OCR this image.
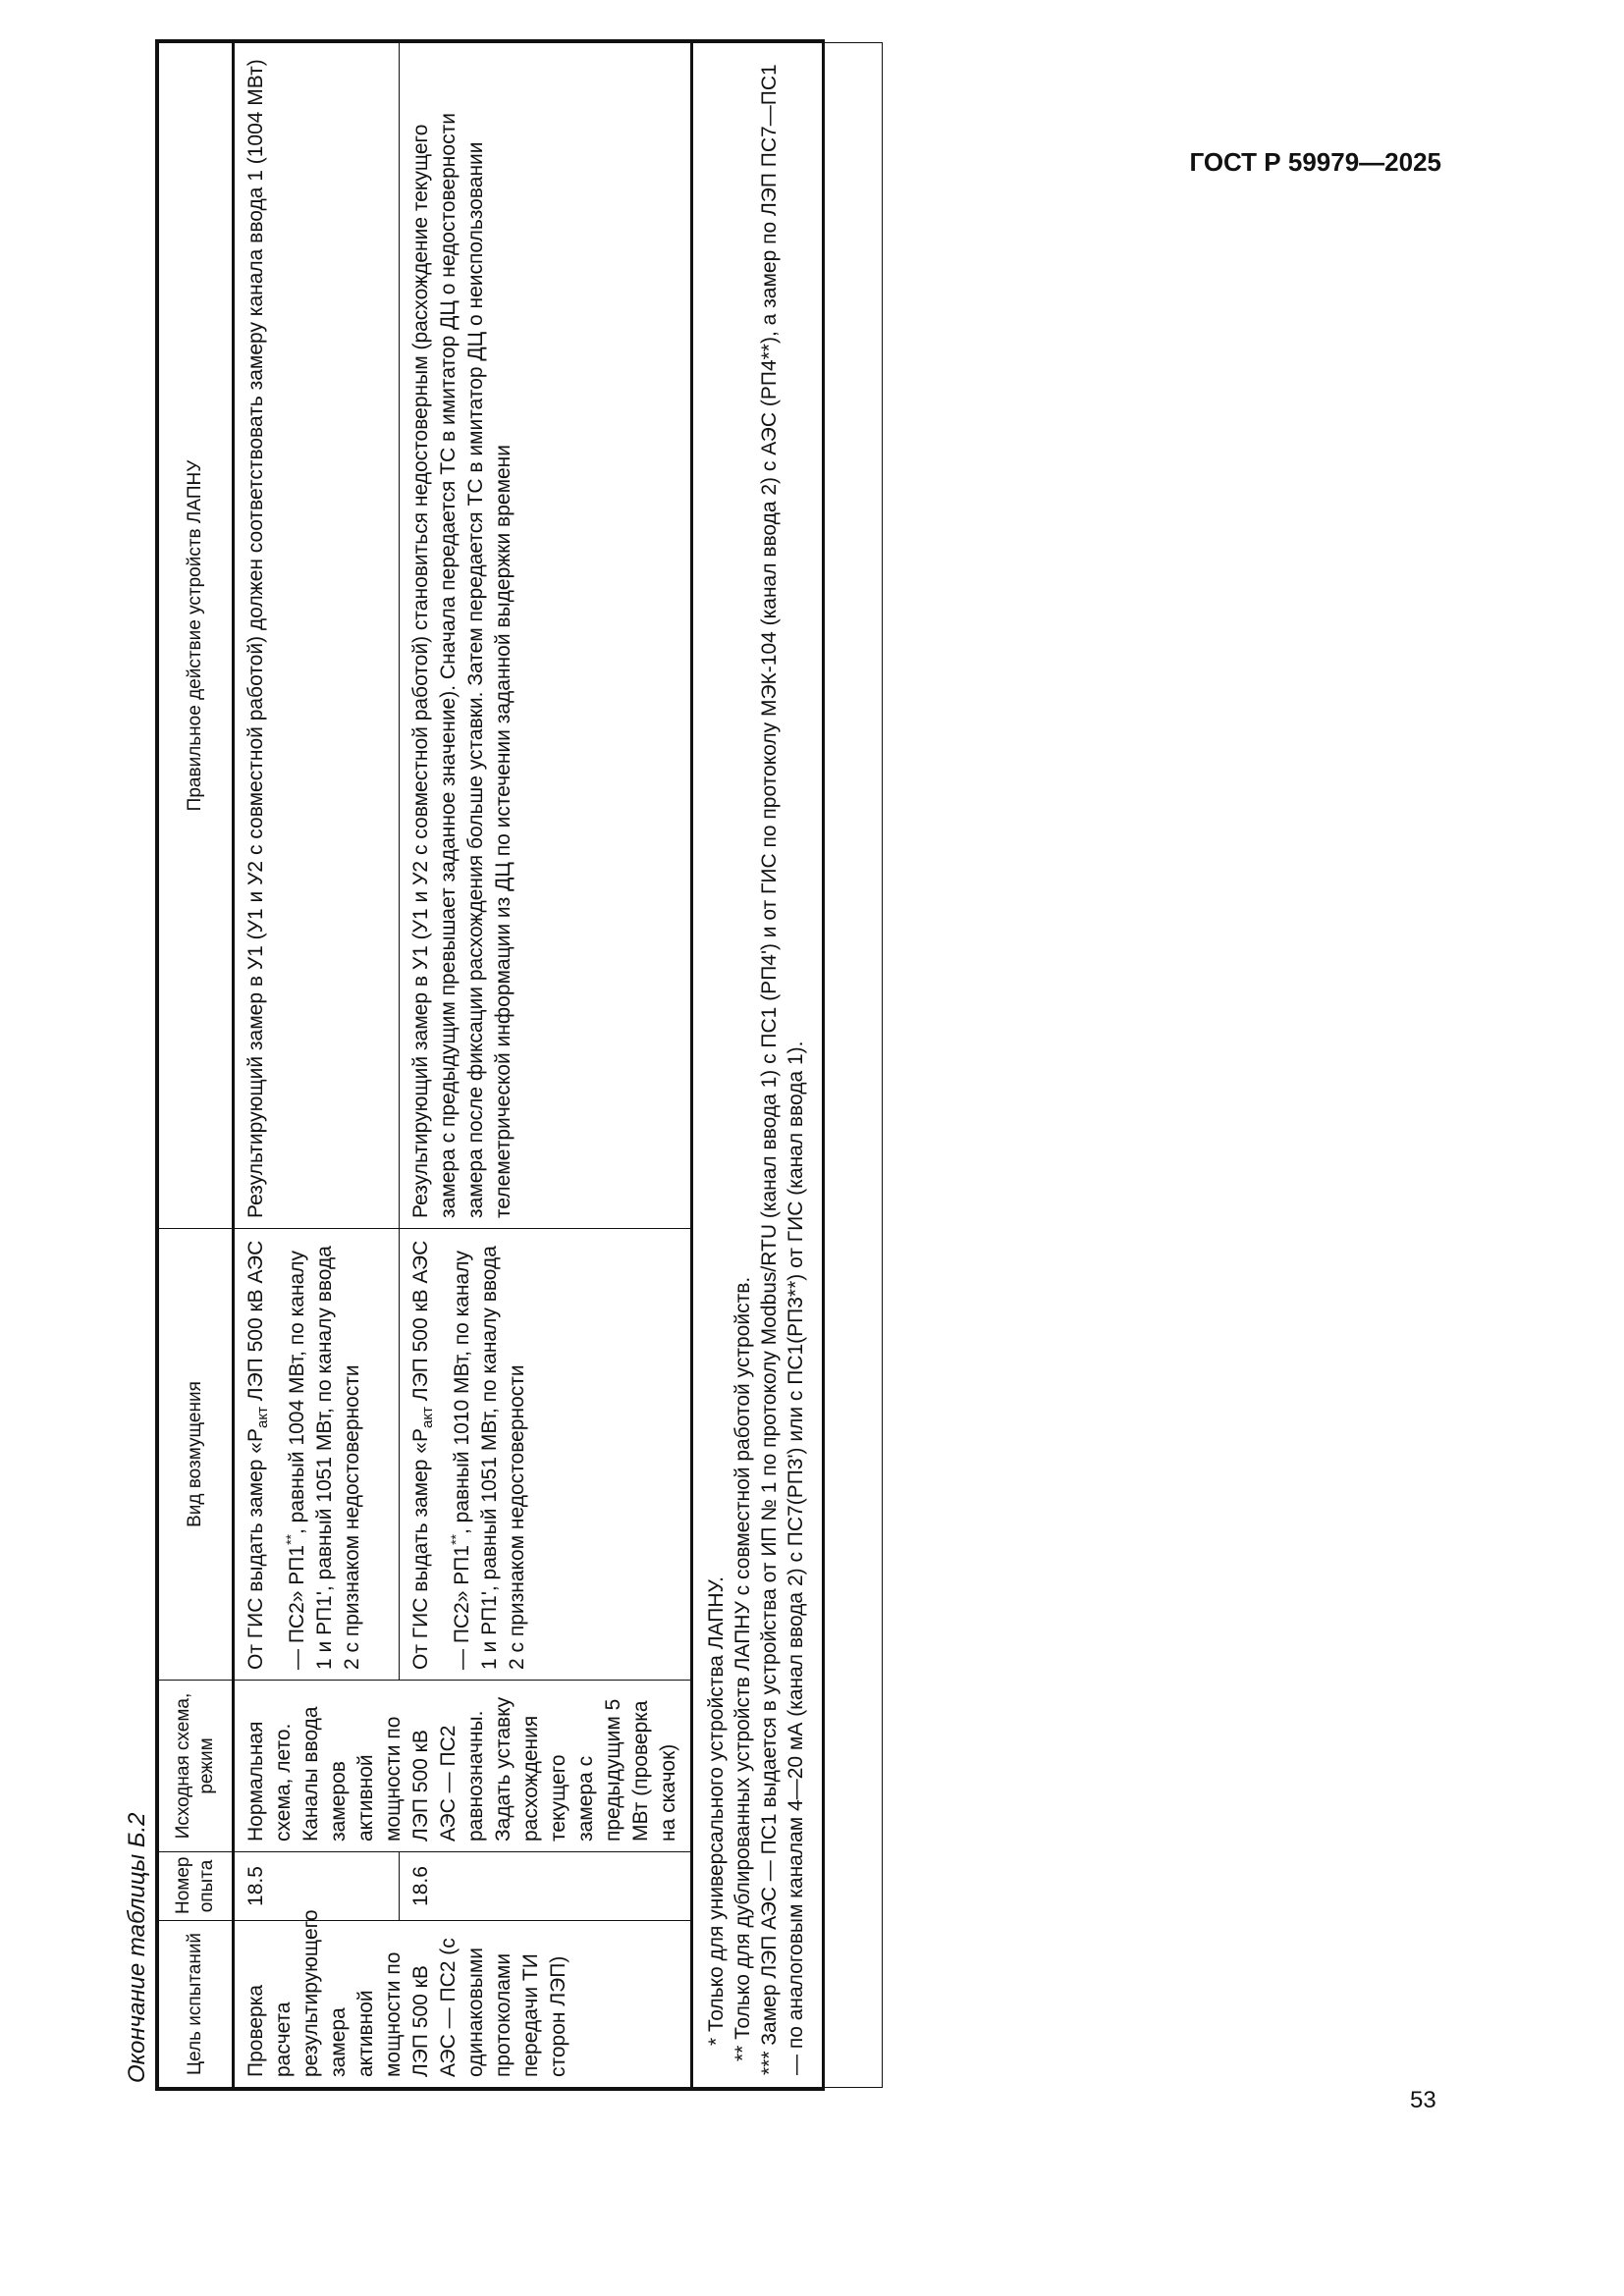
ГОСТ Р 59979—2025
Окончание таблицы Б.2	Цель испытаний	Номер опыта	Исходная схема, режим	Вид возмущения	Правильное действие устройств ЛАПНУ
Проверка расчета результирующего замера активной мощности по ЛЭП 500 кВ АЭС — ПС2 (с одинаковыми протоколами передачи ТИ сторон ЛЭП)	18.5	Нормальная схема, лето. Каналы ввода замеров активной мощности по ЛЭП 500 кВ АЭС — ПС2 равнозначны. Задать уставку расхождения текущего замера с предыдущим 5 МВт (проверка на скачок)	От ГИС выдать замер «$P_{акт}$ ЛЭП 500 кВ АЭС — ПС2» РП1**, равный 1004 МВт, по каналу 1 и РП1', равный 1051 МВт, по каналу ввода 2 с признаком недостоверности	Результирующий замер в У1 (У1 и У2 с совместной работой) должен соответствовать замеру канала ввода 1 (1004 МВт)
	18.6		От ГИС выдать замер «$P_{акт}$ ЛЭП 500 кВ АЭС — ПС2» РП1**, равный 1010 МВт, по каналу 1 и РП1', равный 1051 МВт, по каналу ввода 2 с признаком недостоверности	Результирующий замер в У1 (У1 и У2 с совместной работой) становиться недостоверным (расхождение текущего замера с предыдущим превышает заданное значение). Сначала передается ТС в имитатор ДЦ о недостоверности замера после фиксации расхождения больше уставки. Затем передается ТС в имитатор ДЦ о неиспользовании телеметрической информации из ДЦ по истечении заданной выдержки времени

* Только для универсального устройства ЛАПНУ. ** Только для дублированных устройств ЛАПНУ с совместной работой устройств. *** Замер ЛЭП АЭС — ПС1 выдается в устройства от ИП № 1 по протоколу Modbus/RTU (канал ввода 1) с ПС1 (РП4') и от ГИС по протоколу МЭК-104 (канал ввода 2) с АЭС (РП4**), а замер по ЛЭП ПС7—ПС1 — по аналоговым каналам 4—20 мА (канал ввода 2) с ПС7(РП3') или с ПС1(РП3**) от ГИС (канал ввода 1).				
53
